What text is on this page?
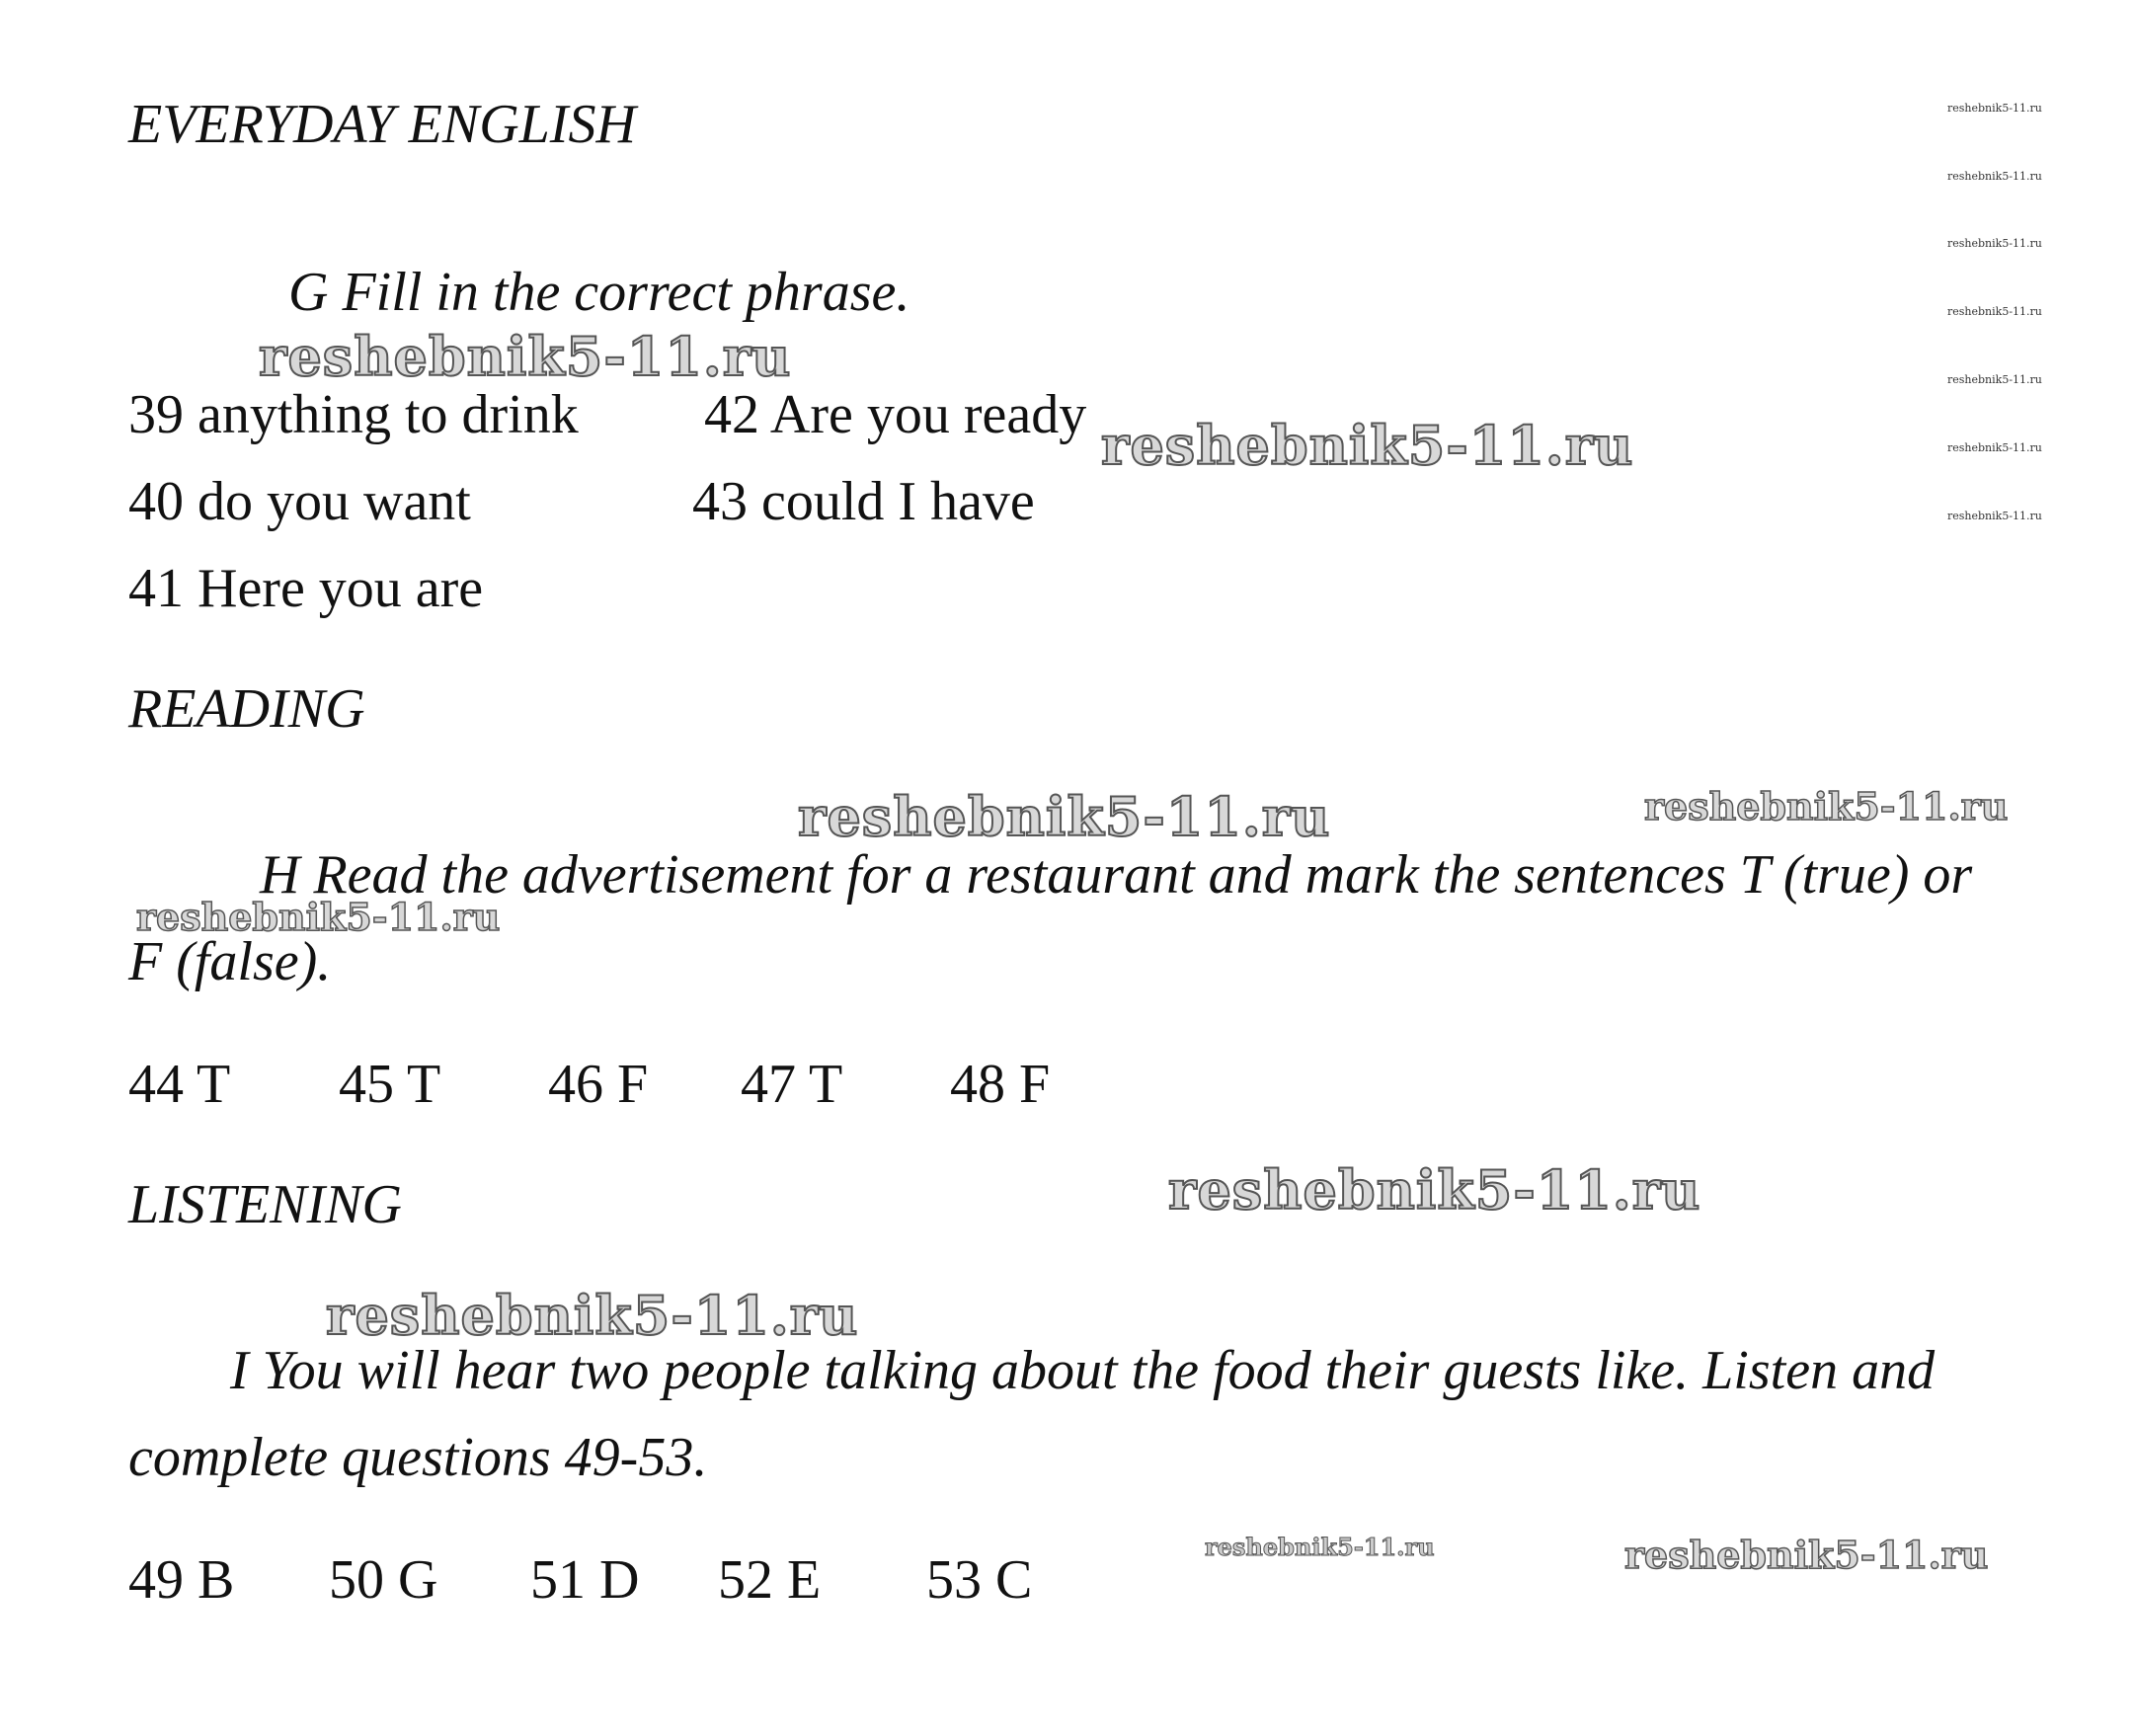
EVERYDAY ENGLISH
G Fill in the correct phrase.
39 anything to drink 42 Are you ready
40 do you want	43 could I have
41 Here you are
READING
H Read the advertisement for a restaurant and mark the sentences T (true) or
F (false).
44 T 45 T 46 F 47 T 48 F
LISTENING
I You will hear two people talking about the food their guests like. Listen and
complete questions 49-53.
49 B 50 G 51 D 52 E 53 C
reshebnik5-11.ru
reshebnik5-11.ru
reshebnik5-11.ru	reshebnik5-11.ru
reshebnik5-11.ru
reshebnik5-11.ru
reshebnik5-11.ru
reshebnik5-11.ru	reshebnik5-11.ru
reshebnik5-11.ru
reshebnik5-11.ru
reshebnik5-11.ru
reshebnik5-11.ru
reshebnik5-11.ru
reshebnik5-11.ru
reshebnik5-11.ru
